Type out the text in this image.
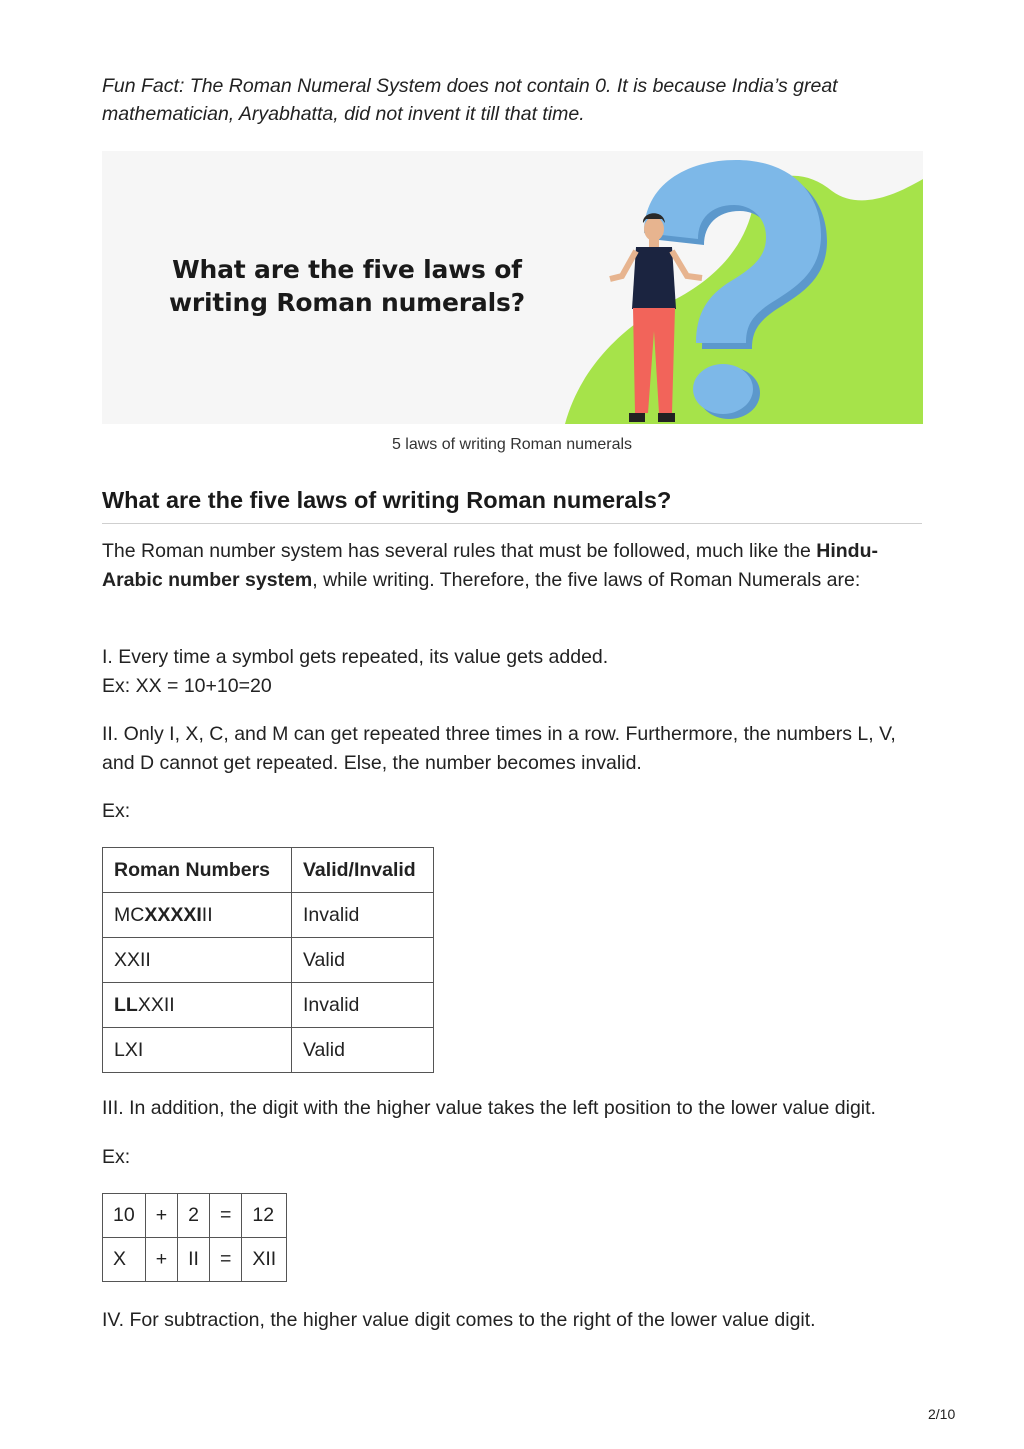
Fun Fact: The Roman Numeral System does not contain 0. It is because India’s great mathematician, Aryabhatta, did not invent it till that time.
What are the five laws of
writing Roman numerals?
5 laws of writing Roman numerals
What are the five laws of writing Roman numerals?
The Roman number system has several rules that must be followed, much like the Hindu-Arabic number system, while writing. Therefore, the five laws of Roman Numerals are:
I. Every time a symbol gets repeated, its value gets added.
Ex: XX = 10+10=20
II. Only I, X, C, and M can get repeated three times in a row. Furthermore, the numbers L, V, and D cannot get repeated. Else, the number becomes invalid.
Ex:
Roman Numbers	Valid/Invalid
MCXXXXIII	Invalid
XXII	Valid
LLXXII	Invalid
LXI	Valid
III. In addition, the digit with the higher value takes the left position to the lower value digit.
Ex:
10	+	2	=	12
X	+	II	=	XII
IV. For subtraction, the higher value digit comes to the right of the lower value digit.
2/10
